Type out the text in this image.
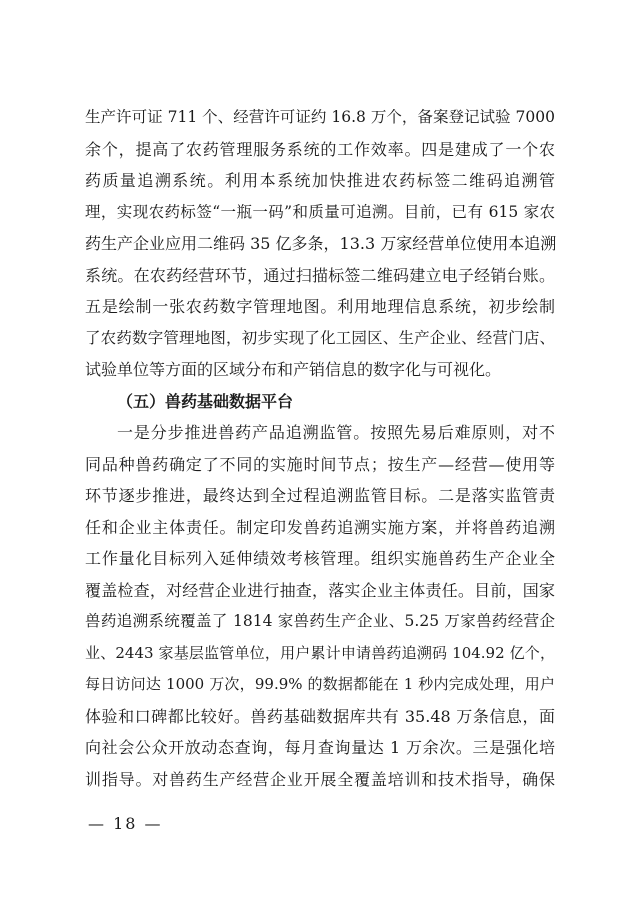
生产许可证 711 个、经营许可证约 16.8 万个，备案登记试验 7000
余个，提高了农药管理服务系统的工作效率。四是建成了一个农
药质量追溯系统。利用本系统加快推进农药标签二维码追溯管
理，实现农药标签“一瓶一码”和质量可追溯。目前，已有 615 家农
药生产企业应用二维码 35 亿多条，13.3 万家经营单位使用本追溯
系统。在农药经营环节，通过扫描标签二维码建立电子经销台账。
五是绘制一张农药数字管理地图。利用地理信息系统，初步绘制
了农药数字管理地图，初步实现了化工园区、生产企业、经营门店、
试验单位等方面的区域分布和产销信息的数字化与可视化。
（五）兽药基础数据平台
一是分步推进兽药产品追溯监管。按照先易后难原则，对不
同品种兽药确定了不同的实施时间节点；按生产—经营—使用等
环节逐步推进，最终达到全过程追溯监管目标。二是落实监管责
任和企业主体责任。制定印发兽药追溯实施方案，并将兽药追溯
工作量化目标列入延伸绩效考核管理。组织实施兽药生产企业全
覆盖检查，对经营企业进行抽查，落实企业主体责任。目前，国家
兽药追溯系统覆盖了 1814 家兽药生产企业、5.25 万家兽药经营企
业、2443 家基层监管单位，用户累计申请兽药追溯码 104.92 亿个，
每日访问达 1000 万次，99.9% 的数据都能在 1 秒内完成处理，用户
体验和口碑都比较好。兽药基础数据库共有 35.48 万条信息，面
向社会公众开放动态查询，每月查询量达 1 万余次。三是强化培
训指导。对兽药生产经营企业开展全覆盖培训和技术指导，确保
— 18 —
